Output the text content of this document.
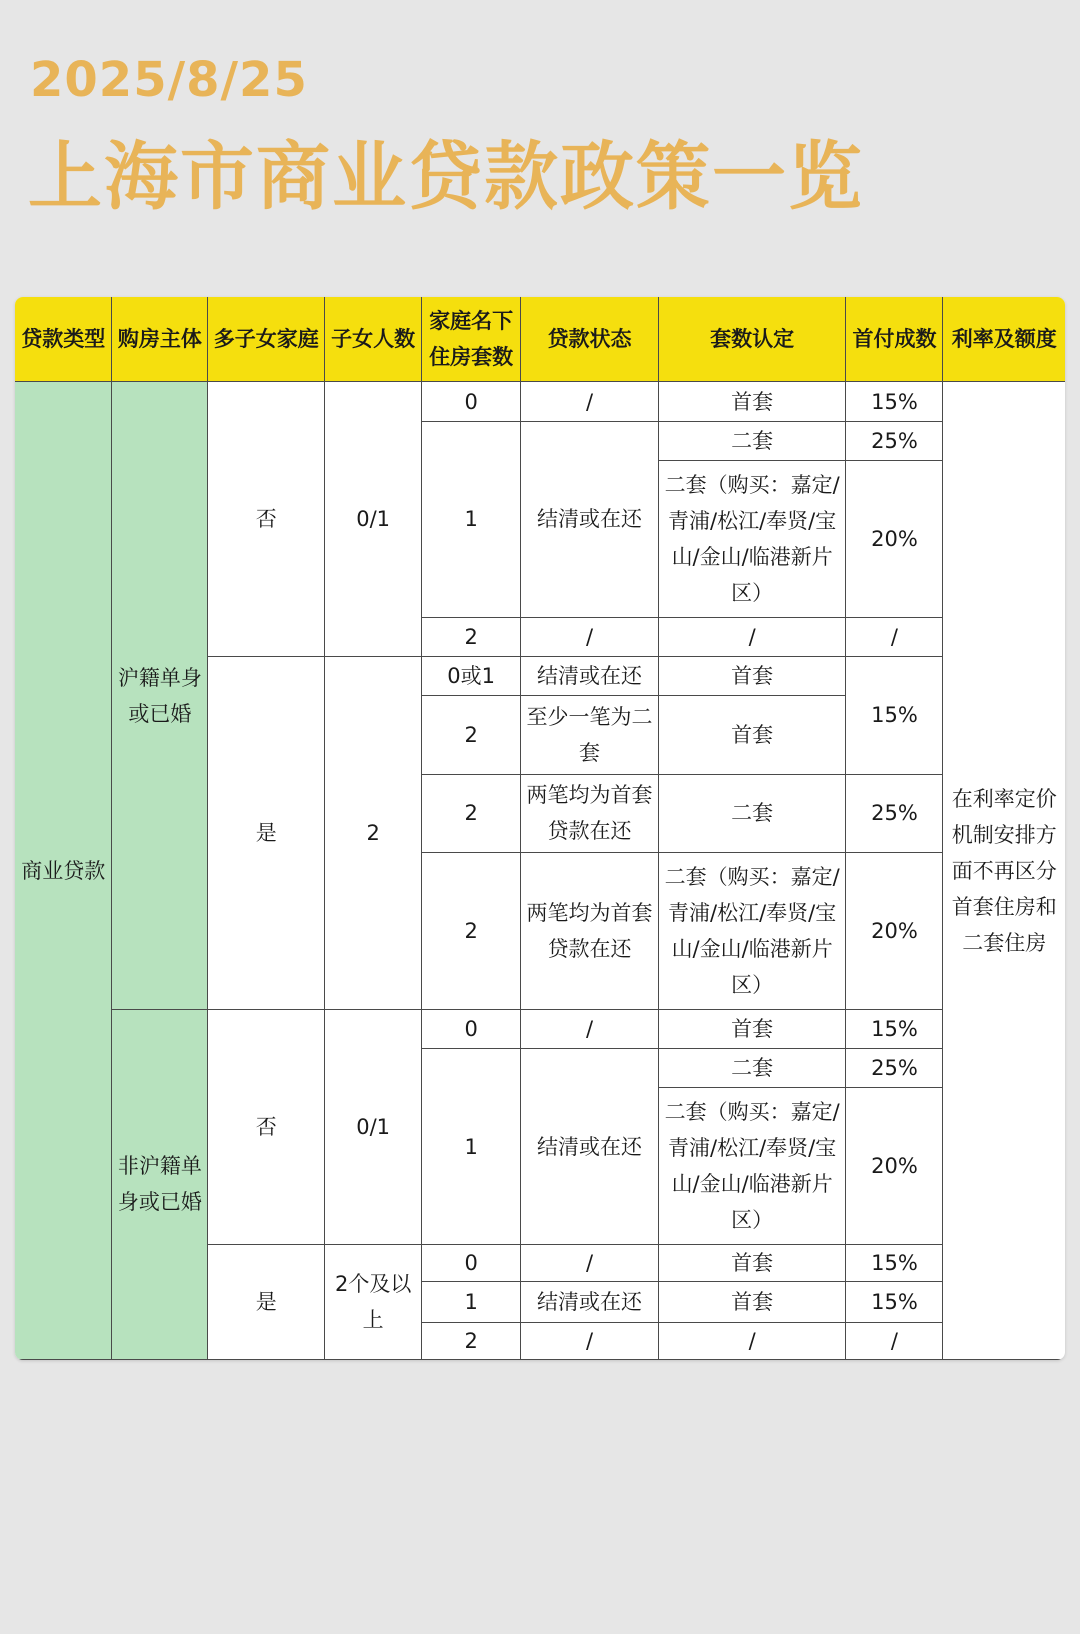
2025/8/25
上海市商业贷款政策一览
贷款类型	购房主体	多子女家庭	子女人数	家庭名下住房套数	贷款状态	套数认定	首付成数	利率及额度
商业贷款	沪籍单身或已婚	否	0/1	0	/	首套	15%	在利率定价机制安排方面不再区分首套住房和二套住房
				1	结清或在还	二套	25%	
						二套（购买：嘉定/青浦/松江/奉贤/宝山/金山/临港新片区）	20%	
				2	/	/	/	
		是	2	0或1	结清或在还	首套	15%	
				2	至少一笔为二套	首套		
				2	两笔均为首套贷款在还	二套	25%	
				2	两笔均为首套贷款在还	二套（购买：嘉定/青浦/松江/奉贤/宝山/金山/临港新片区）	20%	
	非沪籍单身或已婚	否	0/1	0	/	首套	15%	
				1	结清或在还	二套	25%	
						二套（购买：嘉定/青浦/松江/奉贤/宝山/金山/临港新片区）	20%	
		是	2个及以上	0	/	首套	15%	
				1	结清或在还	首套	15%	
				2	/	/	/	
